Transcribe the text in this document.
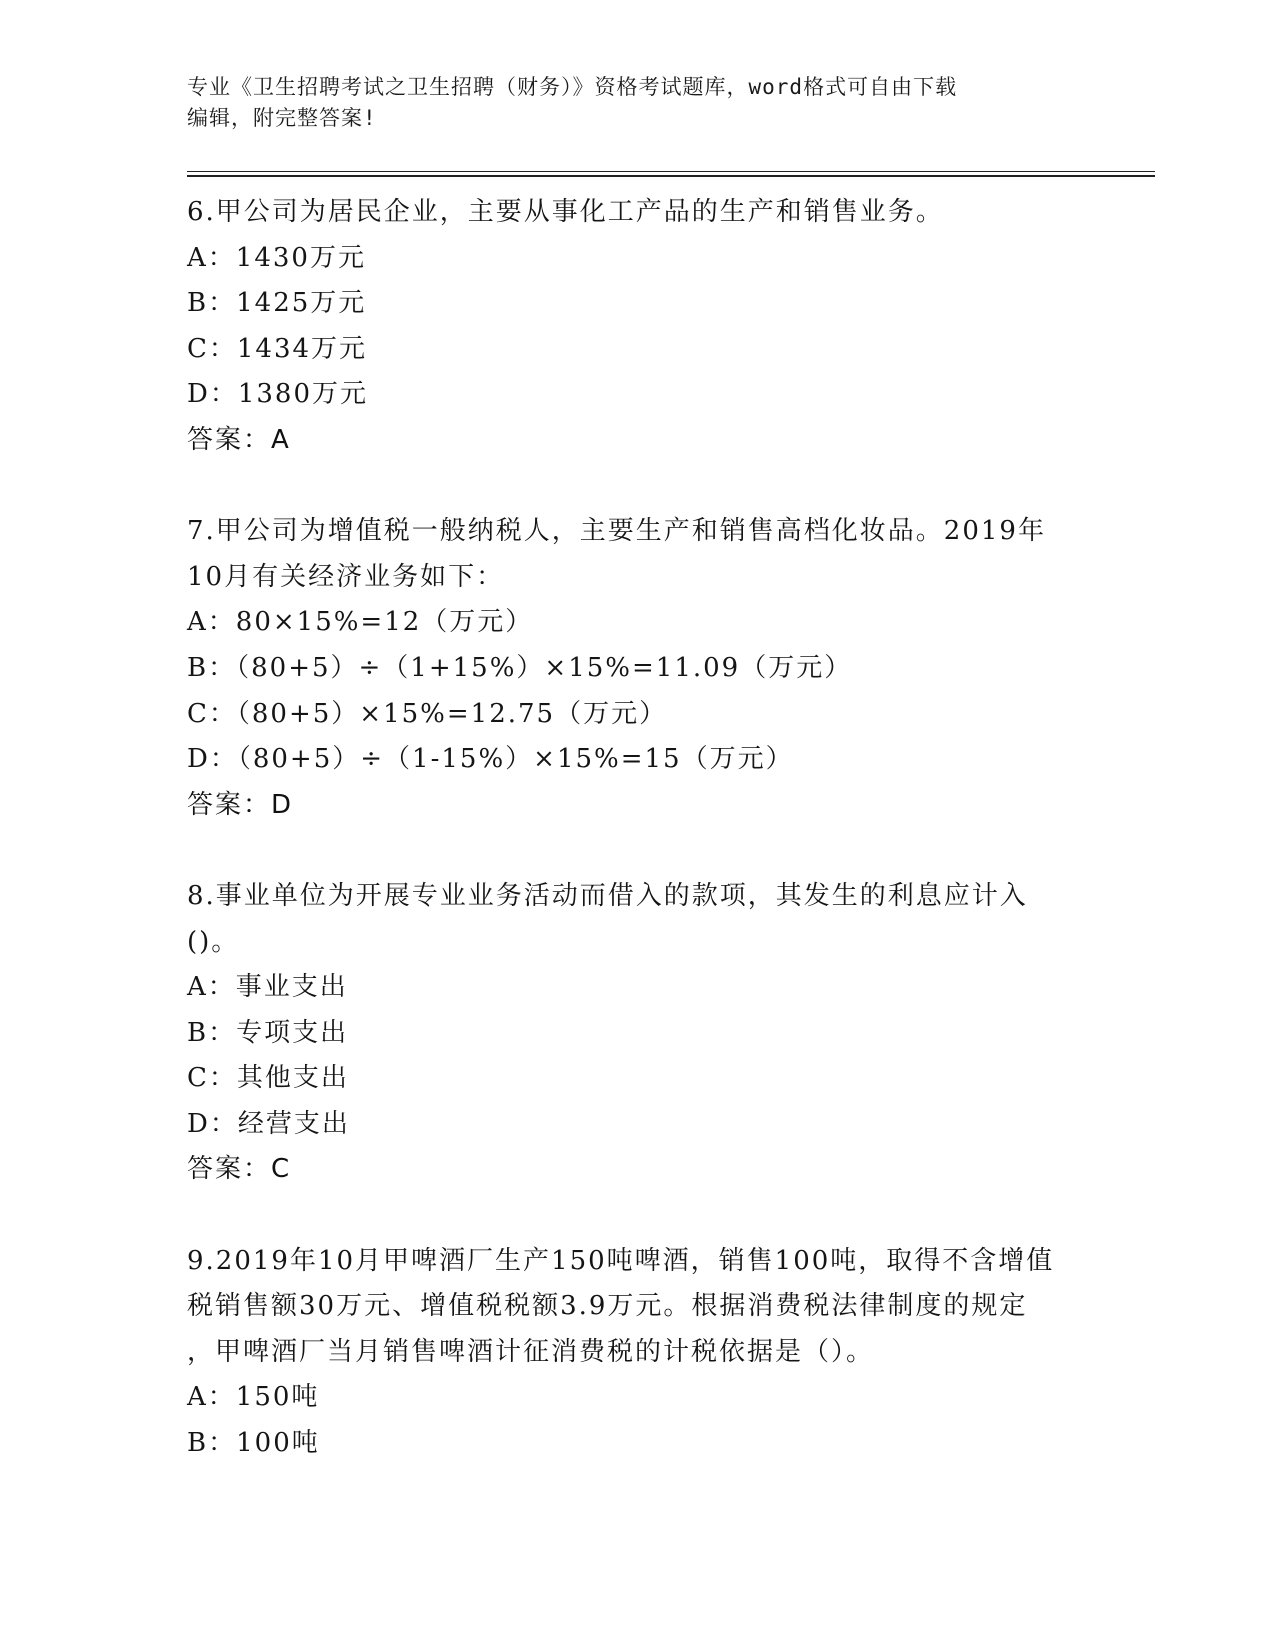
专业《卫生招聘考试之卫生招聘（财务）》资格考试题库，word格式可自由下载
编辑，附完整答案!
6.甲公司为居民企业，主要从事化工产品的生产和销售业务。
A：1430万元
B：1425万元
C：1434万元
D：1380万元
答案：A
7.甲公司为增值税一般纳税人，主要生产和销售高档化妆品。2019年
10月有关经济业务如下：
A：80×15%=12（万元）
B：（80+5）÷（1+15%）×15%=11.09（万元）
C：（80+5）×15%=12.75（万元）
D：（80+5）÷（1-15%）×15%=15（万元）
答案：D
8.事业单位为开展专业业务活动而借入的款项，其发生的利息应计入
()。
A：事业支出
B：专项支出
C：其他支出
D：经营支出
答案：C
9.2019年10月甲啤酒厂生产150吨啤酒，销售100吨，取得不含增值
税销售额30万元、增值税税额3.9万元。根据消费税法律制度的规定
，甲啤酒厂当月销售啤酒计征消费税的计税依据是（）。
A：150吨
B：100吨
